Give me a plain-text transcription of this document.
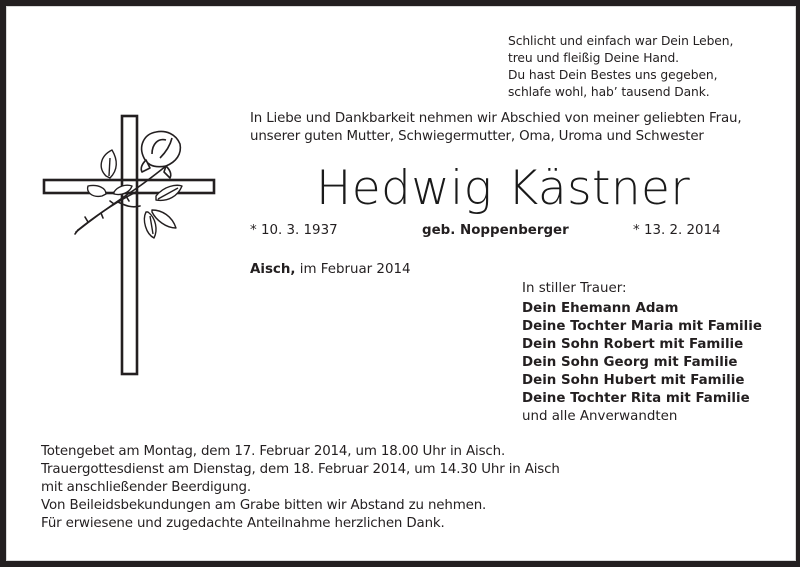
Schlicht und einfach war Dein Leben,
treu und fleißig Deine Hand.
Du hast Dein Bestes uns gegeben,
schlafe wohl, hab’ tausend Dank.
In Liebe und Dankbarkeit nehmen wir Abschied von meiner geliebten Frau,
unserer guten Mutter, Schwiegermutter, Oma, Uroma und Schwester
Hedwig Kästner
* 10. 3. 1937	geb. Noppenberger	* 13. 2. 2014
Aisch, im Februar 2014
In stiller Trauer:
Dein Ehemann Adam
Deine Tochter Maria mit Familie
Dein Sohn Robert mit Familie
Dein Sohn Georg mit Familie
Dein Sohn Hubert mit Familie
Deine Tochter Rita mit Familie
und alle Anverwandten
Totengebet am Montag, dem 17. Februar 2014, um 18.00 Uhr in Aisch.
Trauergottesdienst am Dienstag, dem 18. Februar 2014, um 14.30 Uhr in Aisch
mit anschließender Beerdigung.
Von Beileidsbekundungen am Grabe bitten wir Abstand zu nehmen.
Für erwiesene und zugedachte Anteilnahme herzlichen Dank.
